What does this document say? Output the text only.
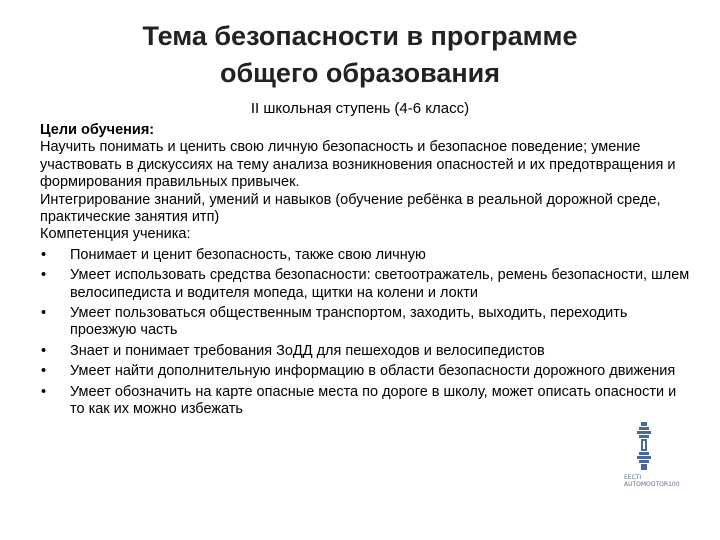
Тема безопасности в программе
общего образования
II школьная ступень (4-6 класс)

Цели обучения:

Научить понимать и ценить свою личную безопасность и безопасное поведение; умение участвовать в дискуссиях на тему анализа возникновения опасностей и их предотвращения и формирования правильных привычек.

Интегрирование знаний, умений и навыков (обучение ребёнка в реальной дорожной среде, практические занятия итп)

Компетенция ученика:

• Понимает и ценит безопасность, также свою личную
• Умеет использовать средства безопасности: светоотражатель, ремень безопасности, шлем велосипедиста и водителя мопеда, щитки на колени и локти
• Умеет пользоваться общественным транспортом, заходить, выходить, переходить проезжую часть
• Знает и понимает требования ЗоДД для пешеходов и велосипедистов
• Умеет найти дополнительную информацию в области безопасности дорожного движения
• Умеет обозначить на карте опасные места по дороге в школу, может описать опасности и то как их можно избежать
ЕЕСТІ
AUTOMOOTOR100
